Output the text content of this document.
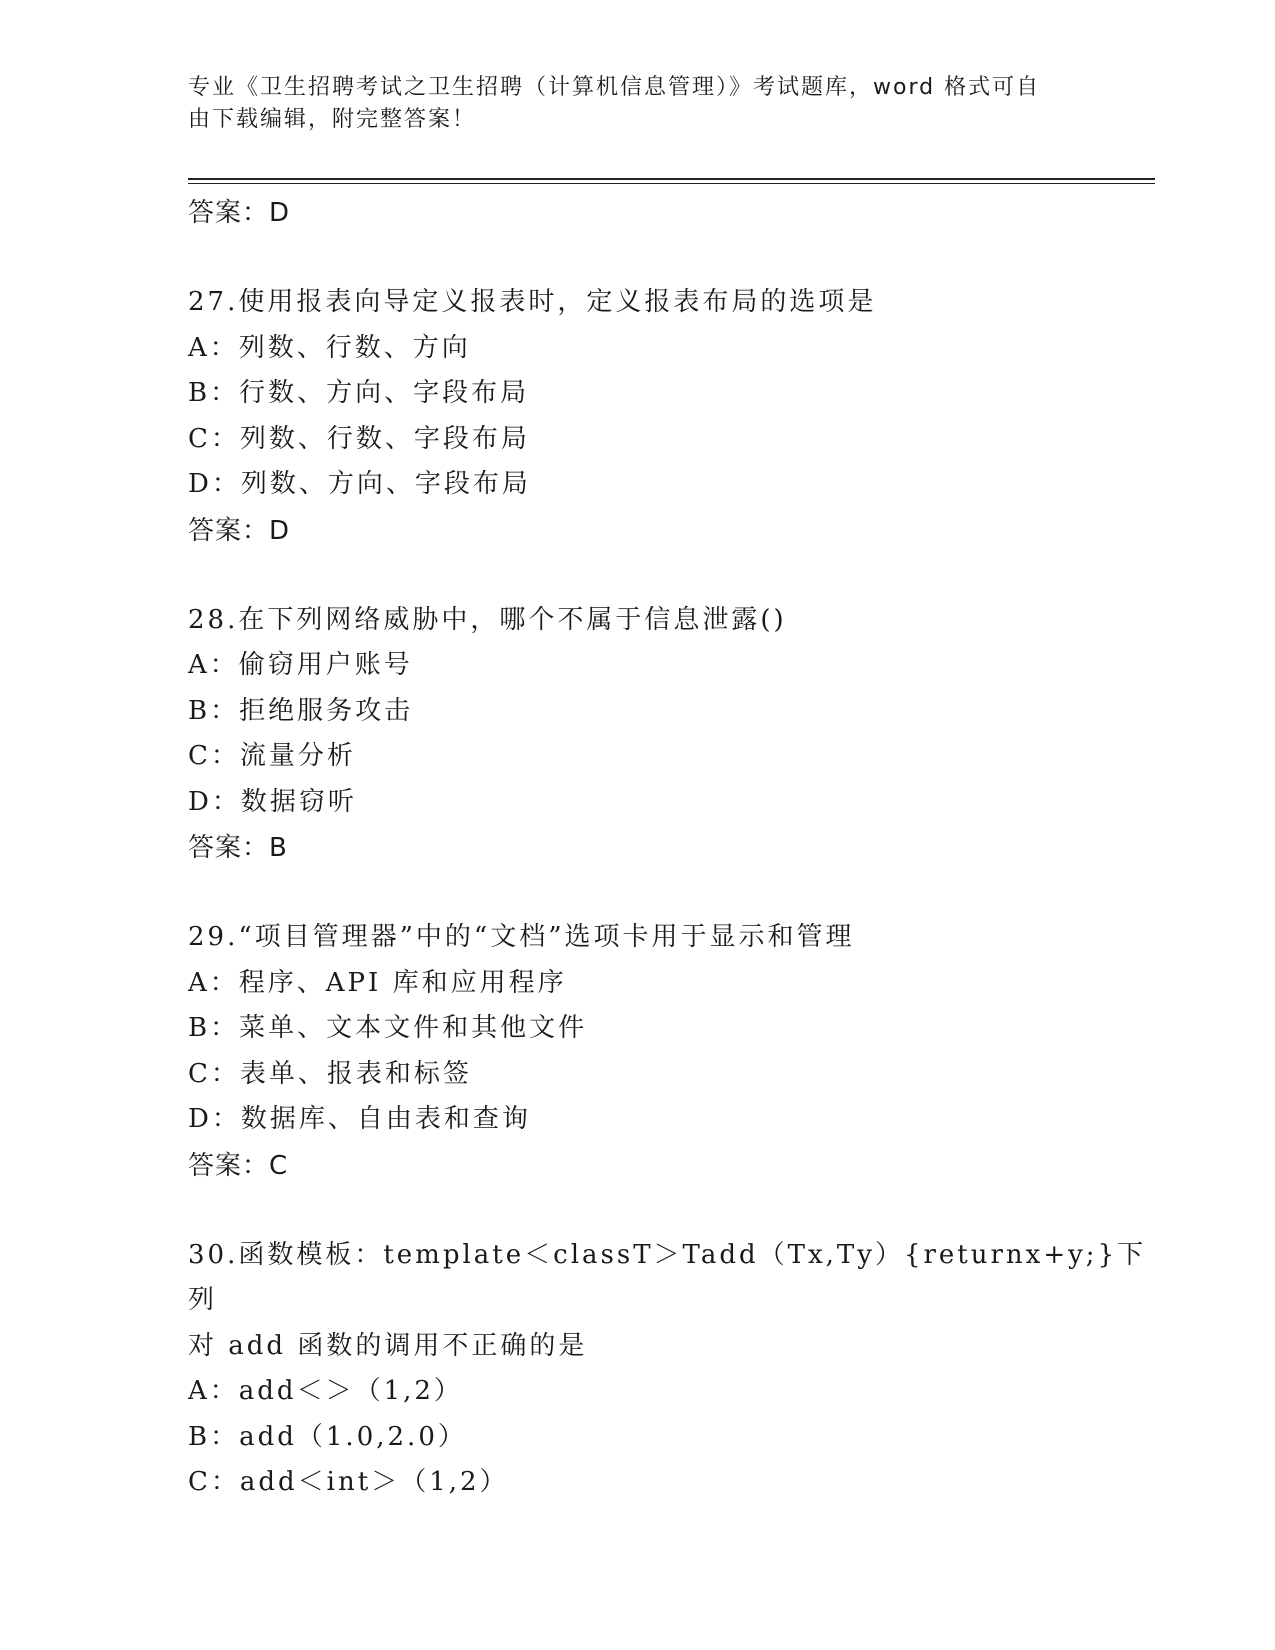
专业《卫生招聘考试之卫生招聘（计算机信息管理）》考试题库，word 格式可自
由下载编辑，附完整答案！
答案：D
27.使用报表向导定义报表时，定义报表布局的选项是
A：列数、行数、方向
B：行数、方向、字段布局
C：列数、行数、字段布局
D：列数、方向、字段布局
答案：D
28.在下列网络威胁中，哪个不属于信息泄露()
A：偷窃用户账号
B：拒绝服务攻击
C：流量分析
D：数据窃听
答案：B
29.“项目管理器”中的“文档”选项卡用于显示和管理
A：程序、API 库和应用程序
B：菜单、文本文件和其他文件
C：表单、报表和标签
D：数据库、自由表和查询
答案：C
30.函数模板：template＜classT＞Tadd（Tx,Ty）{returnx+y;}下列
对 add 函数的调用不正确的是
A：add＜＞（1,2）
B：add（1.0,2.0）
C：add＜int＞（1,2）
